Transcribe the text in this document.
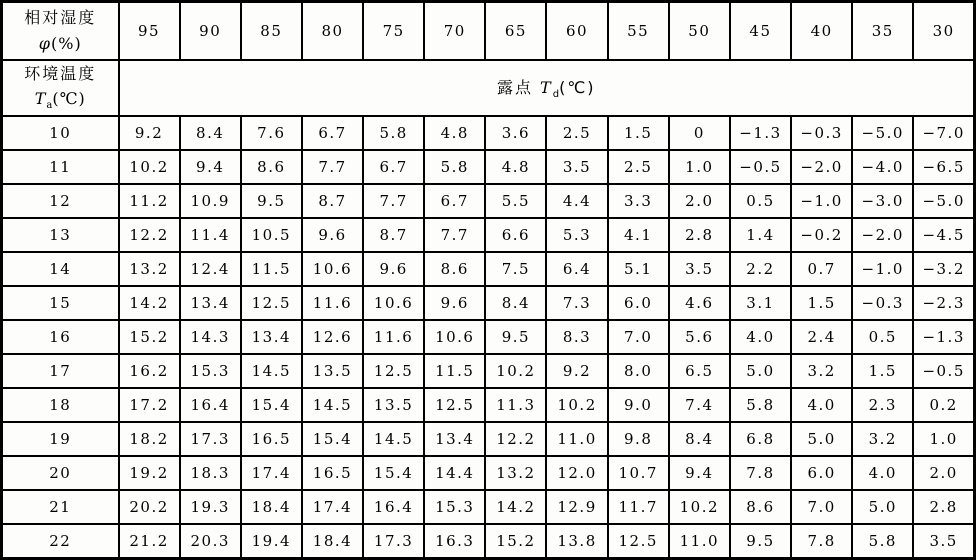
相对湿度
φ(%)	95	90	85	80	75	70	65	60	55	50	45	40	35	30

环境温度
$T_a(℃)$	露点 $T_d(℃)$													
10	9.2	8.4	7.6	6.7	5.8	4.8	3.6	2.5	1.5	0	−1.3	−0.3	−5.0	−7.0
11	10.2	9.4	8.6	7.7	6.7	5.8	4.8	3.5	2.5	1.0	−0.5	−2.0	−4.0	−6.5
12	11.2	10.9	9.5	8.7	7.7	6.7	5.5	4.4	3.3	2.0	0.5	−1.0	−3.0	−5.0
13	12.2	11.4	10.5	9.6	8.7	7.7	6.6	5.3	4.1	2.8	1.4	−0.2	−2.0	−4.5
14	13.2	12.4	11.5	10.6	9.6	8.6	7.5	6.4	5.1	3.5	2.2	0.7	−1.0	−3.2
15	14.2	13.4	12.5	11.6	10.6	9.6	8.4	7.3	6.0	4.6	3.1	1.5	−0.3	−2.3
16	15.2	14.3	13.4	12.6	11.6	10.6	9.5	8.3	7.0	5.6	4.0	2.4	0.5	−1.3
17	16.2	15.3	14.5	13.5	12.5	11.5	10.2	9.2	8.0	6.5	5.0	3.2	1.5	−0.5
18	17.2	16.4	15.4	14.5	13.5	12.5	11.3	10.2	9.0	7.4	5.8	4.0	2.3	0.2
19	18.2	17.3	16.5	15.4	14.5	13.4	12.2	11.0	9.8	8.4	6.8	5.0	3.2	1.0
20	19.2	18.3	17.4	16.5	15.4	14.4	13.2	12.0	10.7	9.4	7.8	6.0	4.0	2.0
21	20.2	19.3	18.4	17.4	16.4	15.3	14.2	12.9	11.7	10.2	8.6	7.0	5.0	2.8
22	21.2	20.3	19.4	18.4	17.3	16.3	15.2	13.8	12.5	11.0	9.5	7.8	5.8	3.5
